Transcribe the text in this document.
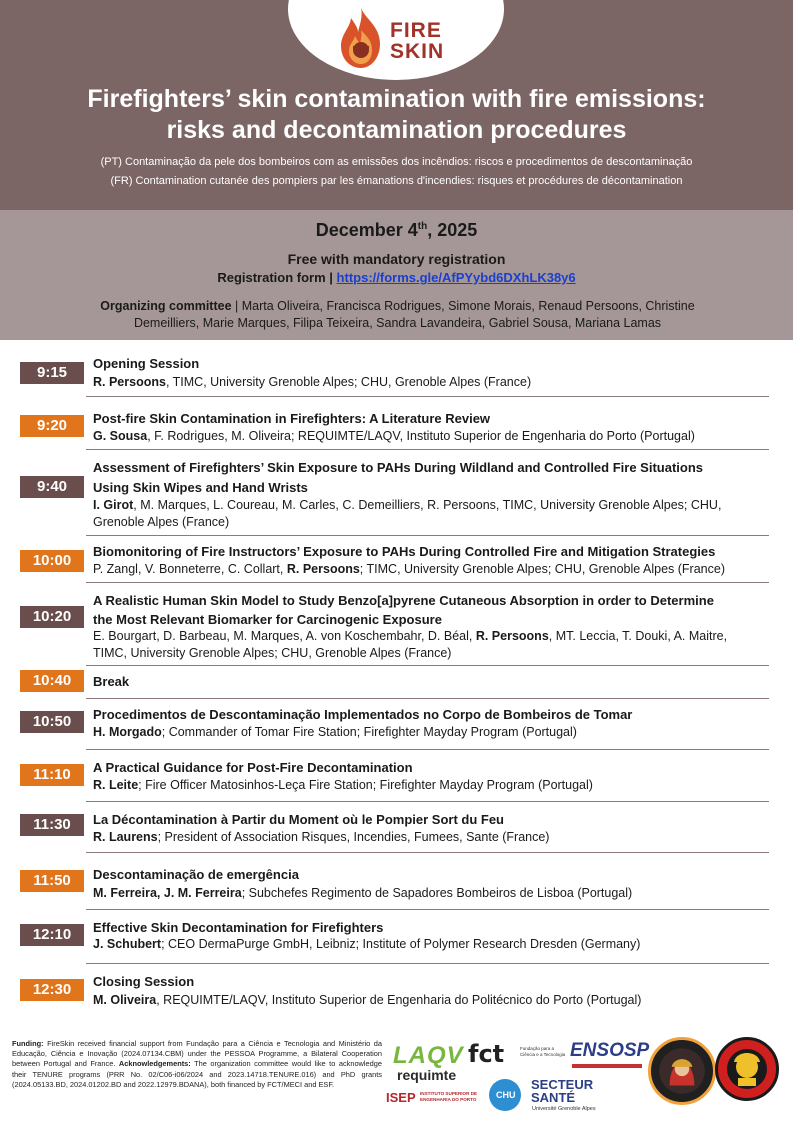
FIRE
SKIN
Firefighters’ skin contamination with fire emissions:
risks and decontamination procedures
(PT) Contaminação da pele dos bombeiros com as emissões dos incêndios: riscos e procedimentos de descontaminação
(FR) Contamination cutanée des pompiers par les émanations d'incendies: risques et procédures de décontamination
December 4th, 2025
Free with mandatory registration
Registration form | https://forms.gle/AfPYybd6DXhLK38y6
Organizing committee | Marta Oliveira, Francisca Rodrigues, Simone Morais, Renaud Persoons, Christine Demeilliers, Marie Marques, Filipa Teixeira, Sandra Lavandeira, Gabriel Sousa, Mariana Lamas
9:15
Opening Session
R. Persoons, TIMC, University Grenoble Alpes; CHU, Grenoble Alpes (France)
9:20	Post-fire Skin Contamination in Firefighters: A Literature Review
G. Sousa, F. Rodrigues, M. Oliveira; REQUIMTE/LAQV, Instituto Superior de Engenharia do Porto (Portugal)
9:40
Assessment of Firefighters’ Skin Exposure to PAHs During Wildland and Controlled Fire Situations
Using Skin Wipes and Hand Wrists
I. Girot, M. Marques, L. Coureau, M. Carles, C. Demeilliers, R. Persoons, TIMC, University Grenoble Alpes; CHU,
Grenoble Alpes (France)
10:00
Biomonitoring of Fire Instructors’ Exposure to PAHs During Controlled Fire and Mitigation Strategies
P. Zangl, V. Bonneterre, C. Collart, R. Persoons; TIMC, University Grenoble Alpes; CHU, Grenoble Alpes (France)
10:20
A Realistic Human Skin Model to Study Benzo[a]pyrene Cutaneous Absorption in order to Determine
the Most Relevant Biomarker for Carcinogenic Exposure
E. Bourgart, D. Barbeau, M. Marques, A. von Koschembahr, D. Béal, R. Persoons, MT. Leccia, T. Douki, A. Maitre,
TIMC, University Grenoble Alpes; CHU, Grenoble Alpes (France)
10:40	Break
10:50	Procedimentos de Descontaminação Implementados no Corpo de Bombeiros de Tomar
H. Morgado; Commander of Tomar Fire Station; Firefighter Mayday Program (Portugal)
11:10	A Practical Guidance for Post-Fire Decontamination
R. Leite; Fire Officer Matosinhos-Leça Fire Station; Firefighter Mayday Program (Portugal)
11:30	La Décontamination à Partir du Moment où le Pompier Sort du Feu
R. Laurens; President of Association Risques, Incendies, Fumees, Sante (France)
11:50	Descontaminação de emergência
M. Ferreira, J. M. Ferreira; Subchefes Regimento de Sapadores Bombeiros de Lisboa (Portugal)
12:10	Effective Skin Decontamination for Firefighters
J. Schubert; CEO DermaPurge GmbH, Leibniz; Institute of Polymer Research Dresden (Germany)
12:30	Closing Session
M. Oliveira, REQUIMTE/LAQV, Instituto Superior de Engenharia do Politécnico do Porto (Portugal)
Funding: FireSkin received financial support from Fundação para a Ciência e Tecnologia and Ministério da Educação, Ciência e Inovação (2024.07134.CBM) under the PESSOA Programme, a Bilateral Cooperation between Portugal and France. Acknowledgements: The organization committee would like to acknowledge their TENURE programs (PRR No. 02/C06-i06/2024 and 2023.14718.TENURE.016) and PhD grants (2024.05133.BD, 2024.01202.BD and 2022.12979.BDANA), both financed by FCT/MECI and ESF.
LAQV
requimte
fct	Fundação para a Ciência e a Tecnologia ENSOSP
ISEP INSTITUTO SUPERIOR DE ENGENHARIA DO PORTO	CHU
SECTEUR
SANTÉ
Université Grenoble Alpes
